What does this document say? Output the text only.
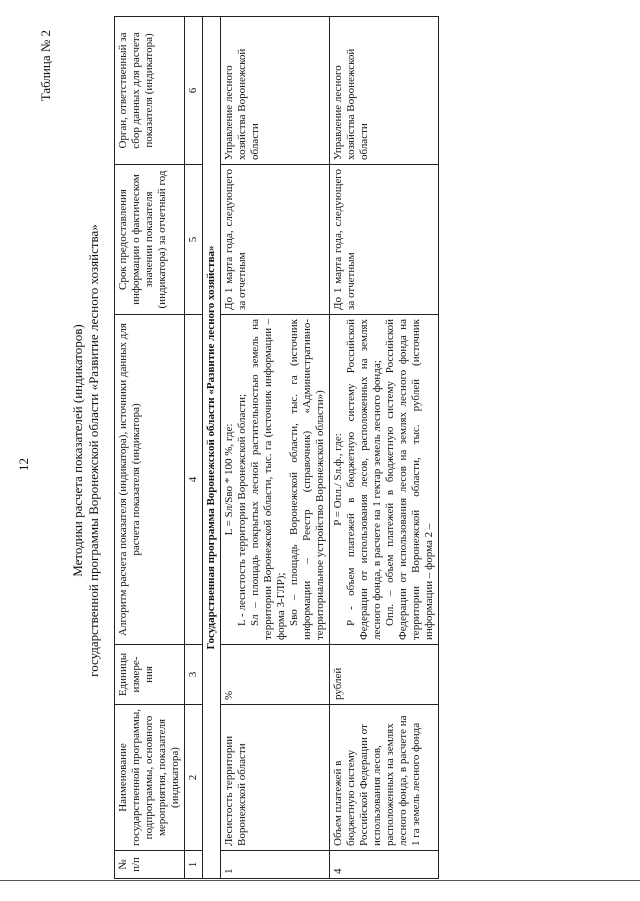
12
Таблица № 2
Методики расчета показателей (индикаторов) государственной программы Воронежской области «Развитие лесного хозяйства»
№ п/п	Наименование государственной программы, подпрограммы, основного мероприятия, показателя (индикатора)	Единицы измере-ния	Алгоритм расчета показателя (индикатора), источники данных для расчета показателя (индикатора)	Срок предоставления информации о фактическом значении показателя (индикатора) за отчетный год	Орган, ответственный за сбор данных для расчета показателя (индикатора)
1	2	3	4	5	6
Государственная программа Воронежской области «Развитие лесного хозяйства»					
1	Лесистость территории Воронежской области	%	L = Sл/Sво * 100 %, где: L - лесистость территории Воронежской области; Sл – площадь покрытых лесной растительностью земель на территории Воронежской области, тыс. га (источник информации – форма 3-ГЛР); Sво – площадь Воронежской области, тыс. га (источник информации – Реестр (справочник) «Административно-территориальное устройство Воронежской области»)	До 1 марта года, следующего за отчетным	Управление лесного хозяйства Воронежской области
4	Объем платежей в бюджетную систему Российской Федерации от использования лесов, расположенных на землях лесного фонда, в расчете на 1 га земель лесного фонда	рублей	P = Опл./ Sл.ф., где: P - объем платежей в бюджетную систему Российской Федерации от использования лесов, расположенных на землях лесного фонда, в расчете на 1 гектар земель лесного фонда; Опл. – объем платежей в бюджетную систему Российской Федерации от использования лесов на землях лесного фонда на территории Воронежской области, тыс. рублей (источник информации – форма 2 –	До 1 марта года, следующего за отчетным	Управление лесного хозяйства Воронежской области
